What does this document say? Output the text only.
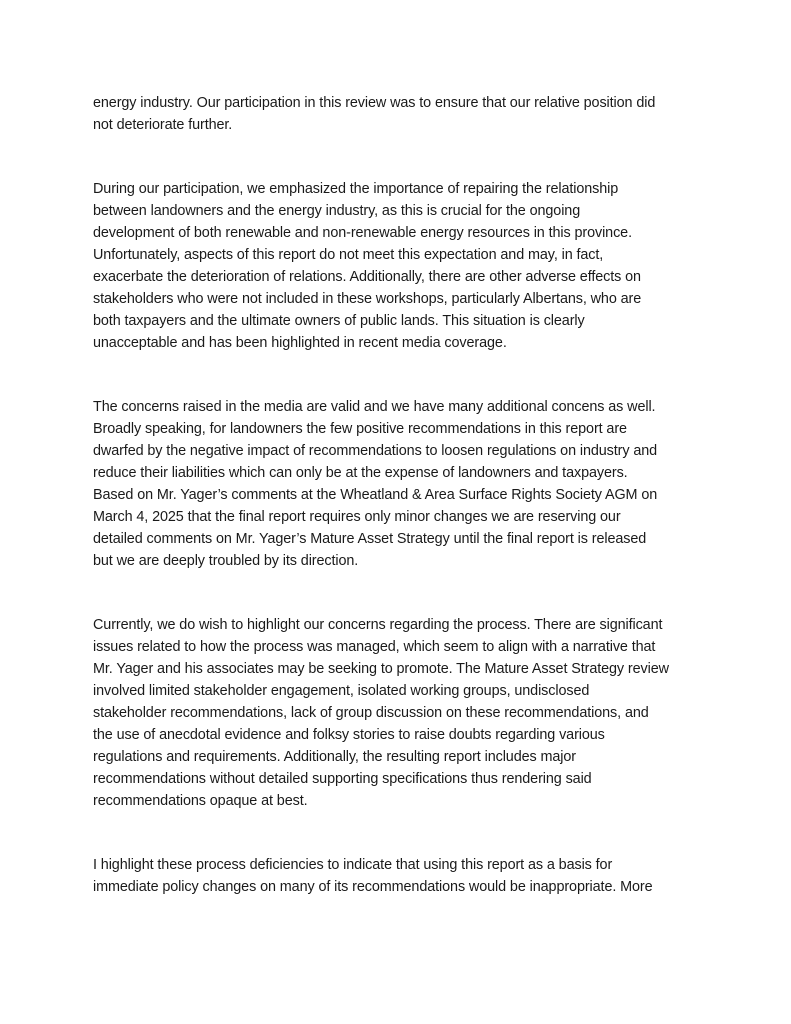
energy industry. Our participation in this review was to ensure that our relative position did
not deteriorate further.
During our participation, we emphasized the importance of repairing the relationship
between landowners and the energy industry, as this is crucial for the ongoing
development of both renewable and non-renewable energy resources in this province.
Unfortunately, aspects of this report do not meet this expectation and may, in fact,
exacerbate the deterioration of relations. Additionally, there are other adverse effects on
stakeholders who were not included in these workshops, particularly Albertans, who are
both taxpayers and the ultimate owners of public lands. This situation is clearly
unacceptable and has been highlighted in recent media coverage.
The concerns raised in the media are valid and we have many additional concens as well.
Broadly speaking, for landowners the few positive recommendations in this report are
dwarfed by the negative impact of recommendations to loosen regulations on industry and
reduce their liabilities which can only be at the expense of landowners and taxpayers.
Based on Mr. Yager’s comments at the Wheatland & Area Surface Rights Society AGM on
March 4, 2025 that the final report requires only minor changes we are reserving our
detailed comments on Mr. Yager’s Mature Asset Strategy until the final report is released
but we are deeply troubled by its direction.
Currently, we do wish to highlight our concerns regarding the process. There are significant
issues related to how the process was managed, which seem to align with a narrative that
Mr. Yager and his associates may be seeking to promote. The Mature Asset Strategy review
involved limited stakeholder engagement, isolated working groups, undisclosed
stakeholder recommendations, lack of group discussion on these recommendations, and
the use of anecdotal evidence and folksy stories to raise doubts regarding various
regulations and requirements. Additionally, the resulting report includes major
recommendations without detailed supporting specifications thus rendering said
recommendations opaque at best.
I highlight these process deficiencies to indicate that using this report as a basis for
immediate policy changes on many of its recommendations would be inappropriate. More
